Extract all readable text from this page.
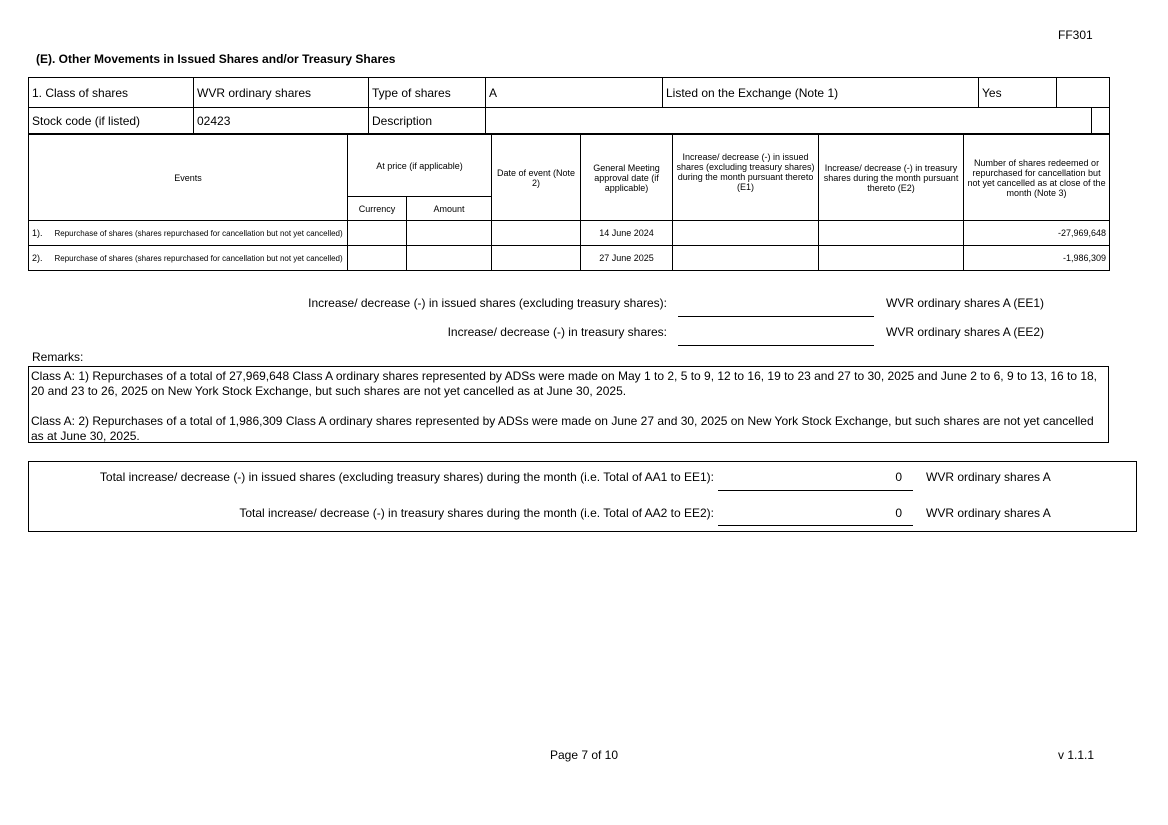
FF301
(E). Other Movements in Issued Shares and/or Treasury Shares
1. Class of shares	WVR ordinary shares	Type of shares	A	Listed on the Exchange (Note 1)	Yes		
Stock code (if listed)	02423	Description					
Events		At price (if applicable)		Date of event (Note 2)	General Meeting approval date (if applicable)	Increase/ decrease (-) in issued shares (excluding treasury shares) during the month pursuant thereto (E1)	Increase/ decrease (-) in treasury shares during the month pursuant thereto (E2)	Number of shares redeemed or repurchased for cancellation but not yet cancelled as at close of the month (Note 3)
		Currency	Amount					
1).	Repurchase of shares (shares repurchased for cancellation but not yet cancelled)				14 June 2024			-27,969,648
2).	Repurchase of shares (shares repurchased for cancellation but not yet cancelled)				27 June 2025			-1,986,309
Increase/ decrease (-) in issued shares (excluding treasury shares):	WVR ordinary shares A (EE1)
Increase/ decrease (-) in treasury shares:	WVR ordinary shares A (EE2)
Remarks:

Class A: 1) Repurchases of a total of 27,969,648 Class A ordinary shares represented by ADSs were made on May 1 to 2, 5 to 9, 12 to 16, 19 to 23 and 27 to 30, 2025 and June 2 to 6, 9 to 13, 16 to 18, 20 and 23 to 26, 2025 on New York Stock Exchange, but such shares are not yet cancelled as at June 30, 2025.

Class A: 2) Repurchases of a total of 1,986,309 Class A ordinary shares represented by ADSs were made on June 27 and 30, 2025 on New York Stock Exchange, but such shares are not yet cancelled as at June 30, 2025.

Total increase/ decrease (-) in issued shares (excluding treasury shares) during the month (i.e. Total of AA1 to EE1):	0 WVR ordinary shares A
Total increase/ decrease (-) in treasury shares during the month (i.e. Total of AA2 to EE2):	0 WVR ordinary shares A
Page 7 of 10	v 1.1.1
